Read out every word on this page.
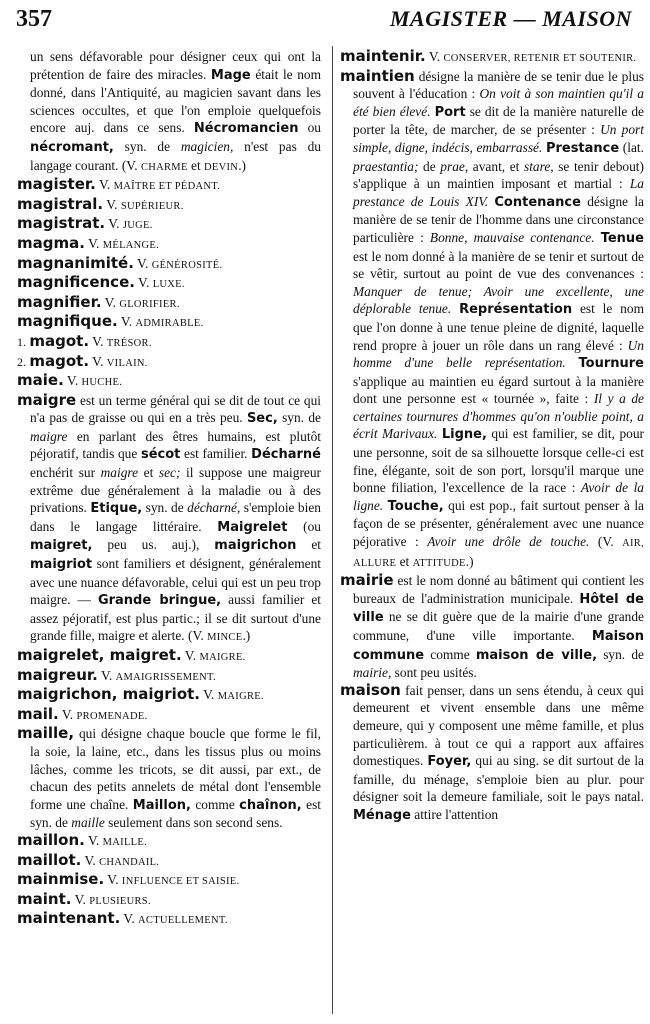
357	MAGISTER — MAISON

un sens défavorable pour désigner ceux qui ont la prétention de faire des miracles. Mage était le nom donné, dans l'Antiquité, au magicien savant dans les sciences occultes, et que l'on emploie quelquefois encore auj. dans ce sens. Nécromancien ou nécromant, syn. de magicien, n'est pas du langage courant. (V. CHARME et DEVIN.)

magister. V. MAÎTRE ET PÉDANT.

magistral. V. SUPÉRIEUR.

magistrat. V. JUGE.

magma. V. MÉLANGE.

magnanimité. V. GÉNÉROSITÉ.

magnificence. V. LUXE.

magnifier. V. GLORIFIER.

magnifique. V. ADMIRABLE.

1. magot. V. TRÉSOR.

2. magot. V. VILAIN.

maie. V. HUCHE.

maigre est un terme général qui se dit de tout ce qui n'a pas de graisse ou qui en a très peu. Sec, syn. de maigre en parlant des êtres humains, est plutôt péjoratif, tandis que sécot est familier. Décharné enchérit sur maigre et sec; il suppose une maigreur extrême due généralement à la maladie ou à des privations. Etique, syn. de décharné, s'emploie bien dans le langage littéraire. Maigrelet (ou maigret, peu us. auj.), maigrichon et maigriot sont familiers et désignent, généralement avec une nuance défavorable, celui qui est un peu trop maigre. — Grande bringue, aussi familier et assez péjoratif, est plus partic.; il se dit surtout d'une grande fille, maigre et alerte. (V. MINCE.)

maigrelet, maigret. V. MAIGRE.

maigreur. V. AMAIGRISSEMENT.

maigrichon, maigriot. V. MAIGRE.

mail. V. PROMENADE.

maille, qui désigne chaque boucle que forme le fil, la soie, la laine, etc., dans les tissus plus ou moins lâches, comme les tricots, se dit aussi, par ext., de chacun des petits annelets de métal dont l'ensemble forme une chaîne. Maillon, comme chaînon, est syn. de maille seulement dans son second sens.

maillon. V. MAILLE.

maillot. V. CHANDAIL.

mainmise. V. INFLUENCE ET SAISIE.

maint. V. PLUSIEURS.

maintenant. V. ACTUELLEMENT.

maintenir. V. CONSERVER, RETENIR ET SOUTENIR.

maintien désigne la manière de se tenir due le plus souvent à l'éducation : On voit à son maintien qu'il a été bien élevé. Port se dit de la manière naturelle de porter la tête, de marcher, de se présenter : Un port simple, digne, indécis, embarrassé. Prestance (lat. praestantia; de prae, avant, et stare, se tenir debout) s'applique à un maintien imposant et martial : La prestance de Louis XIV. Contenance désigne la manière de se tenir de l'homme dans une circonstance particulière : Bonne, mauvaise contenance. Tenue est le nom donné à la manière de se tenir et surtout de se vêtir, surtout au point de vue des convenances : Manquer de tenue; Avoir une excellente, une déplorable tenue. Représentation est le nom que l'on donne à une tenue pleine de dignité, laquelle rend propre à jouer un rôle dans un rang élevé : Un homme d'une belle représentation. Tournure s'applique au maintien eu égard surtout à la manière dont une personne est « tournée », faite : Il y a de certaines tournures d'hommes qu'on n'oublie point, a écrit Marivaux. Ligne, qui est familier, se dit, pour une personne, soit de sa silhouette lorsque celle-ci est fine, élégante, soit de son port, lorsqu'il marque une bonne filiation, l'excellence de la race : Avoir de la ligne. Touche, qui est pop., fait surtout penser à la façon de se présenter, généralement avec une nuance péjorative : Avoir une drôle de touche. (V. AIR, ALLURE et ATTITUDE.)

mairie est le nom donné au bâtiment qui contient les bureaux de l'administration municipale. Hôtel de ville ne se dit guère que de la mairie d'une grande commune, d'une ville importante. Maison commune comme maison de ville, syn. de mairie, sont peu usités.

maison fait penser, dans un sens étendu, à ceux qui demeurent et vivent ensemble dans une même demeure, qui y composent une même famille, et plus particulièrem. à tout ce qui a rapport aux affaires domestiques. Foyer, qui au sing. se dit surtout de la famille, du ménage, s'emploie bien au plur. pour désigner soit la demeure familiale, soit le pays natal. Ménage attire l'attention
